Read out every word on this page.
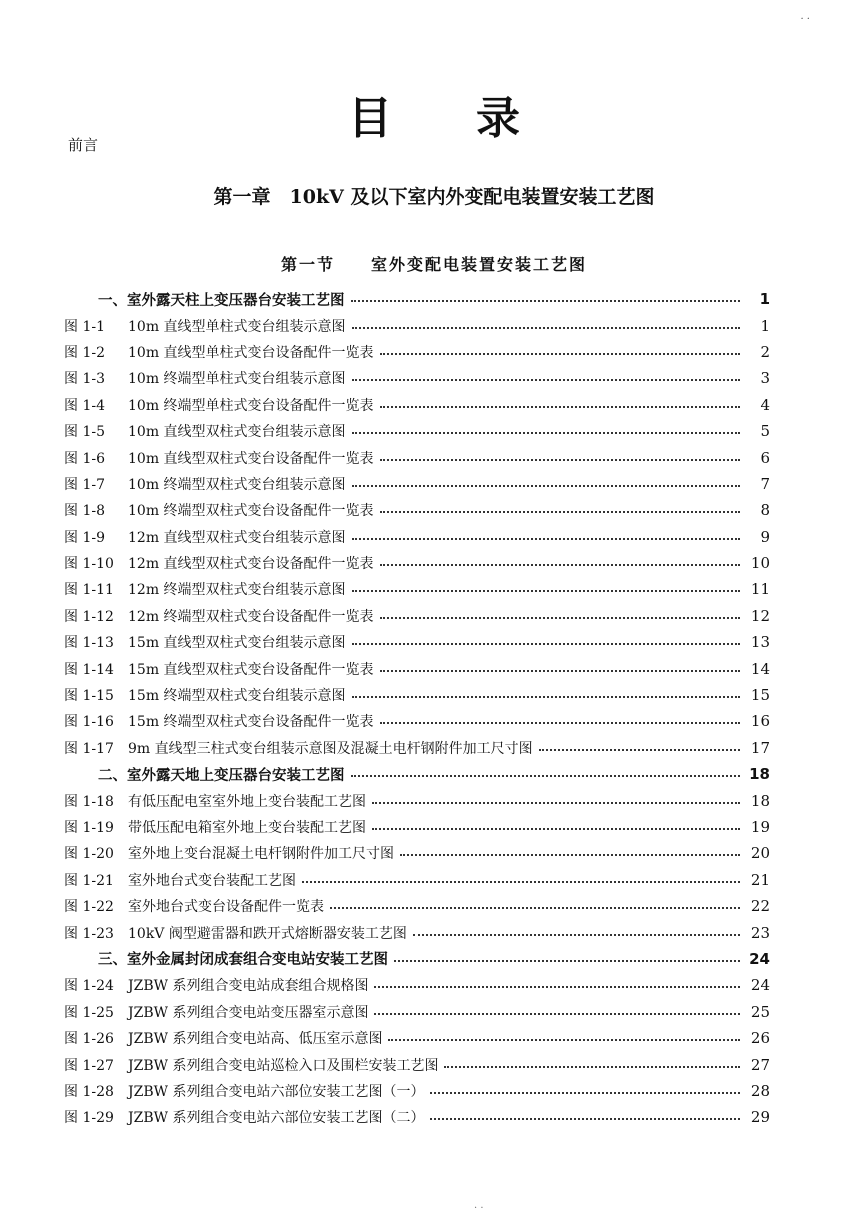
· ·
目录
前言
第一章　10kV 及以下室内外变配电装置安装工艺图
第一节 室外变配电装置安装工艺图
一、室外露天柱上变压器台安装工艺图	1
图 1-1 10m 直线型单柱式变台组装示意图	1
图 1-2 10m 直线型单柱式变台设备配件一览表	2
图 1-3 10m 终端型单柱式变台组装示意图	3
图 1-4 10m 终端型单柱式变台设备配件一览表	4
图 1-5 10m 直线型双柱式变台组装示意图	5
图 1-6 10m 直线型双柱式变台设备配件一览表	6
图 1-7 10m 终端型双柱式变台组装示意图	7
图 1-8 10m 终端型双柱式变台设备配件一览表	8
图 1-9 12m 直线型双柱式变台组装示意图	9
图 1-10 12m 直线型双柱式变台设备配件一览表	10
图 1-11 12m 终端型双柱式变台组装示意图	11
图 1-12 12m 终端型双柱式变台设备配件一览表	12
图 1-13 15m 直线型双柱式变台组装示意图	13
图 1-14 15m 直线型双柱式变台设备配件一览表	14
图 1-15 15m 终端型双柱式变台组装示意图	15
图 1-16 15m 终端型双柱式变台设备配件一览表	16
图 1-17 9m 直线型三柱式变台组装示意图及混凝土电杆钢附件加工尺寸图	17
二、室外露天地上变压器台安装工艺图	18
图 1-18 有低压配电室室外地上变台装配工艺图	18
图 1-19 带低压配电箱室外地上变台装配工艺图	19
图 1-20 室外地上变台混凝土电杆钢附件加工尺寸图	20
图 1-21 室外地台式变台装配工艺图	21
图 1-22 室外地台式变台设备配件一览表	22
图 1-23 10kV 阀型避雷器和跌开式熔断器安装工艺图	23
三、室外金属封闭成套组合变电站安装工艺图	24
图 1-24 JZBW 系列组合变电站成套组合规格图	24
图 1-25 JZBW 系列组合变电站变压器室示意图	25
图 1-26 JZBW 系列组合变电站高、低压室示意图	26
图 1-27 JZBW 系列组合变电站巡检入口及围栏安装工艺图	27
图 1-28 JZBW 系列组合变电站六部位安装工艺图（一）	28
图 1-29 JZBW 系列组合变电站六部位安装工艺图（二）	29
· ·
